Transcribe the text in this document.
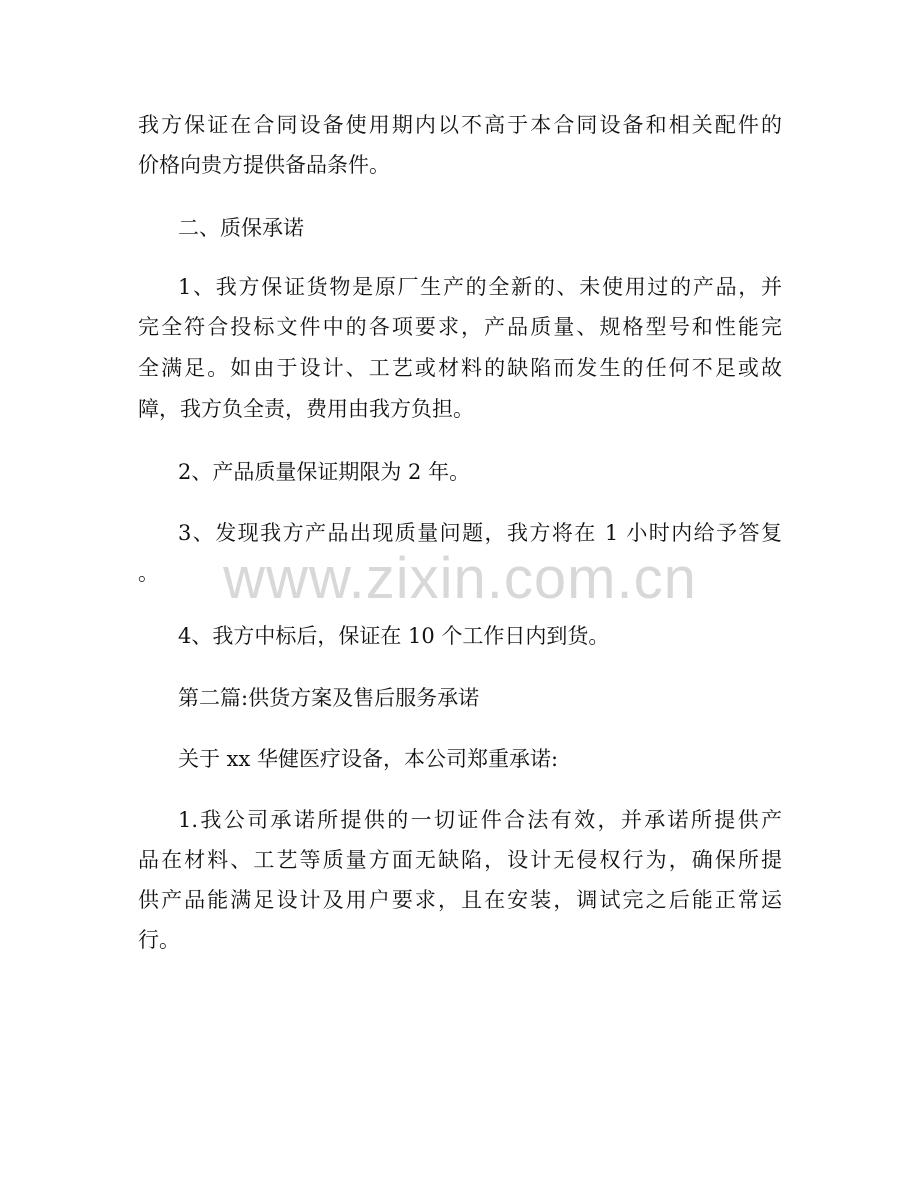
www.zixin.com.cn
我方保证在合同设备使用期内以不高于本合同设备和相关配件的
价格向贵方提供备品条件。
二、质保承诺
1、我方保证货物是原厂生产的全新的、未使用过的产品，并
完全符合投标文件中的各项要求，产品质量、规格型号和性能完
全满足。如由于设计、工艺或材料的缺陷而发生的任何不足或故
障，我方负全责，费用由我方负担。
2、产品质量保证期限为 2 年。
3、发现我方产品出现质量问题，我方将在 1 小时内给予答复
。
4、我方中标后，保证在 10 个工作日内到货。
第二篇:供货方案及售后服务承诺
关于 xx 华健医疗设备，本公司郑重承诺:
1.我公司承诺所提供的一切证件合法有效，并承诺所提供产
品在材料、工艺等质量方面无缺陷，设计无侵权行为，确保所提
供产品能满足设计及用户要求，且在安装，调试完之后能正常运
行。
